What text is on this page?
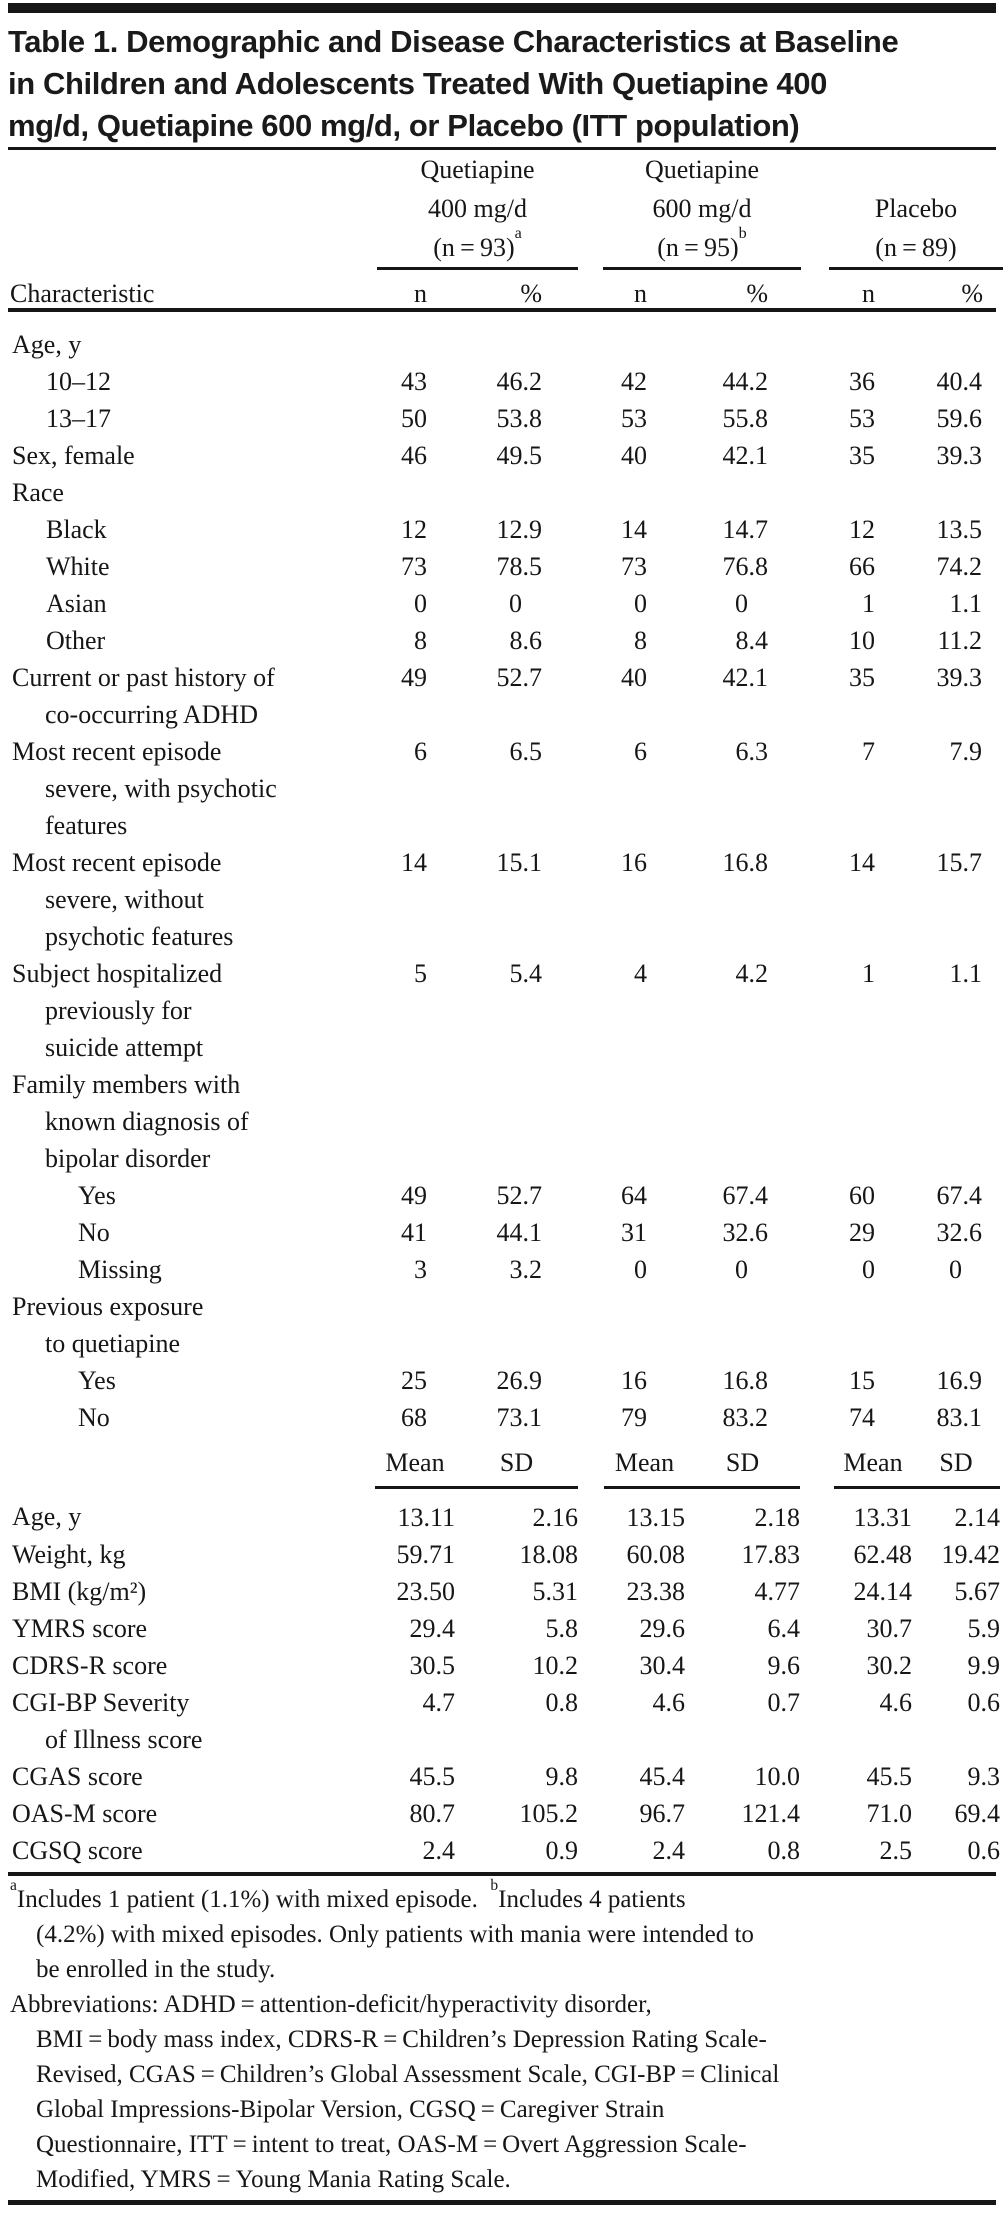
Table 1. Demographic and Disease Characteristics at Baseline
in Children and Adolescents Treated With Quetiapine 400
mg/d, Quetiapine 600 mg/d, or Placebo (ITT population)
Quetiapine
400 mg/d
(n = 93)$^a$
Quetiapine
600 mg/d
(n = 95)$^b$
Placebo
(n = 89)
Characteristic	n	%	n	%	n	%
Age, y							

10–12	43	46.2	42	44.2	36	40.4	

13–17	50	53.8	53	55.8	53	59.6	

Sex, female	46	49.5	40	42.1	35	39.3	

Race							

Black	12	12.9	14	14.7	12	13.5	

White	73	78.5	73	76.8	66	74.2	

Asian	0	0	0	0	1	1.1	

Other	8	8.6	8	8.4	10	11.2	

Current or past history of
co-occurring ADHD	49	52.7	40	42.1	35	39.3	

Most recent episode
severe, with psychotic
features	6	6.5	6	6.3	7	7.9	

Most recent episode
severe, without
psychotic features	14	15.1	16	16.8	14	15.7	

Subject hospitalized
previously for
suicide attempt	5	5.4	4	4.2	1	1.1	

Family members with
known diagnosis of
bipolar disorder							

Yes	49	52.7	64	67.4	60	67.4	

No	41	44.1	31	32.6	29	32.6	

Missing	3	3.2	0	0	0	0	

Previous exposure
to quetiapine							

Yes	25	26.9	16	16.8	15	16.9	

No	68	73.1	79	83.2	74	83.1	
	Mean	SD		Mean	SD		Mean	SD

Age, y	13.11	2.16		13.15	2.18		13.31	2.14

Weight, kg	59.71	18.08		60.08	17.83		62.48	19.42

BMI (kg/m²)	23.50	5.31		23.38	4.77		24.14	5.67

YMRS score	29.4	5.8		29.6	6.4		30.7	5.9

CDRS-R score	30.5	10.2		30.4	9.6		30.2	9.9

CGI-BP Severity
of Illness score	4.7	0.8		4.6	0.7		4.6	0.6

CGAS score	45.5	9.8		45.4	10.0		45.5	9.3

OAS-M score	80.7	105.2		96.7	121.4		71.0	69.4

CGSQ score	2.4	0.9		2.4	0.8		2.5	0.6
$^a$Includes 1 patient (1.1%) with mixed episode. $^b$Includes 4 patients
(4.2%) with mixed episodes. Only patients with mania were intended to
be enrolled in the study.
Abbreviations: ADHD = attention-deficit/hyperactivity disorder,
BMI = body mass index, CDRS-R = Children’s Depression Rating Scale-
Revised, CGAS = Children’s Global Assessment Scale, CGI-BP = Clinical
Global Impressions-Bipolar Version, CGSQ = Caregiver Strain
Questionnaire, ITT = intent to treat, OAS-M = Overt Aggression Scale-
Modified, YMRS = Young Mania Rating Scale.
